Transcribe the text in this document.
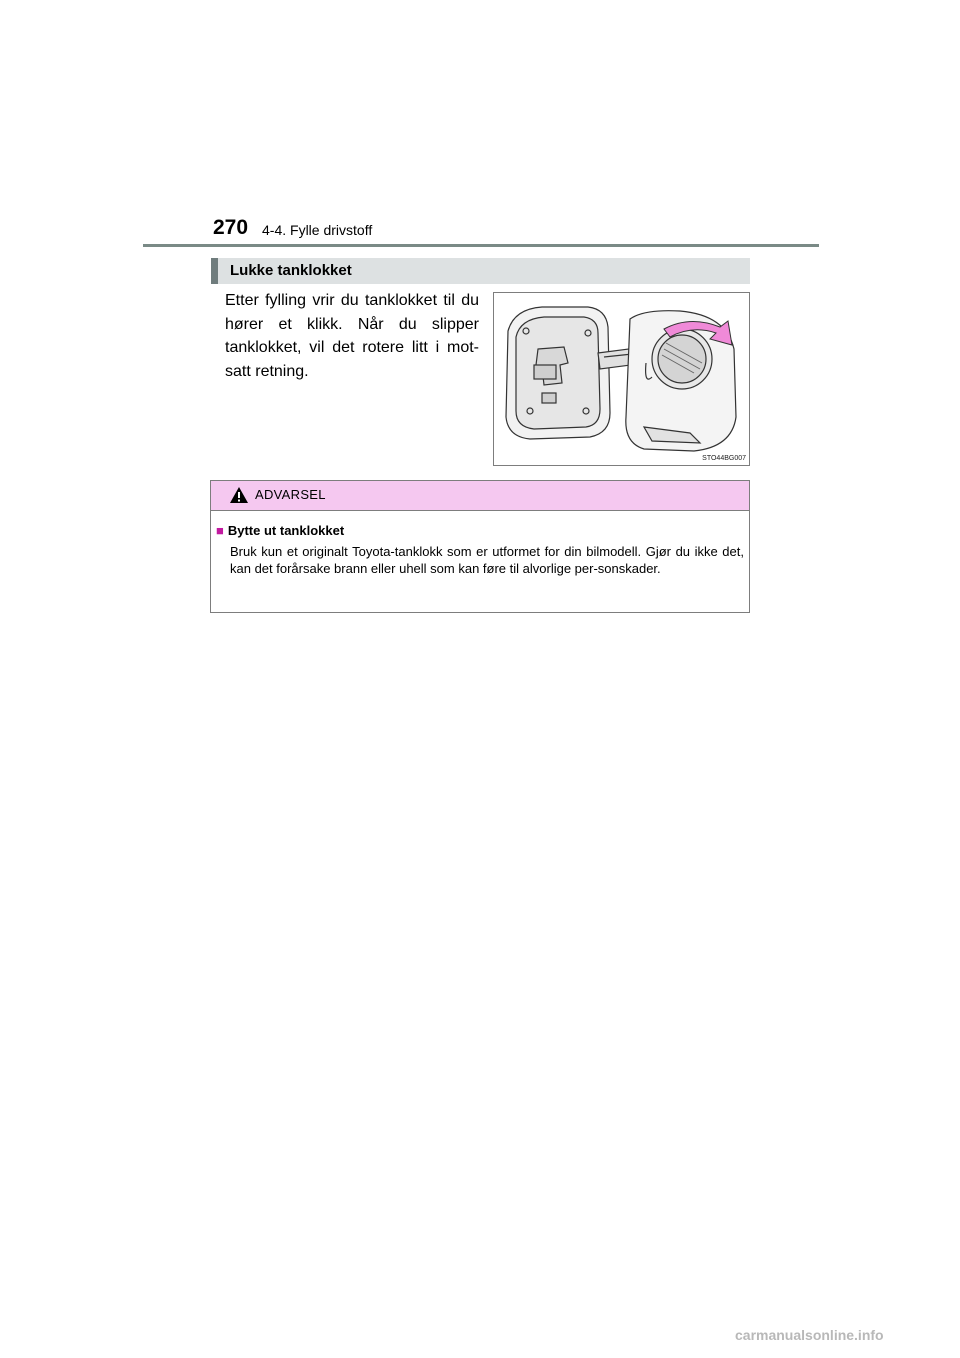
270 4-4. Fylle drivstoff
Lukke tanklokket
Etter fylling vrir du tanklokket til du hører et klikk. Når du slipper tanklokket, vil det rotere litt i mot-satt retning.
STO44BG007
ADVARSEL
■ Bytte ut tanklokket
Bruk kun et originalt Toyota-tanklokk som er utformet for din bilmodell. Gjør du ikke det, kan det forårsake brann eller uhell som kan føre til alvorlige per-sonskader.
carmanualsonline.info
